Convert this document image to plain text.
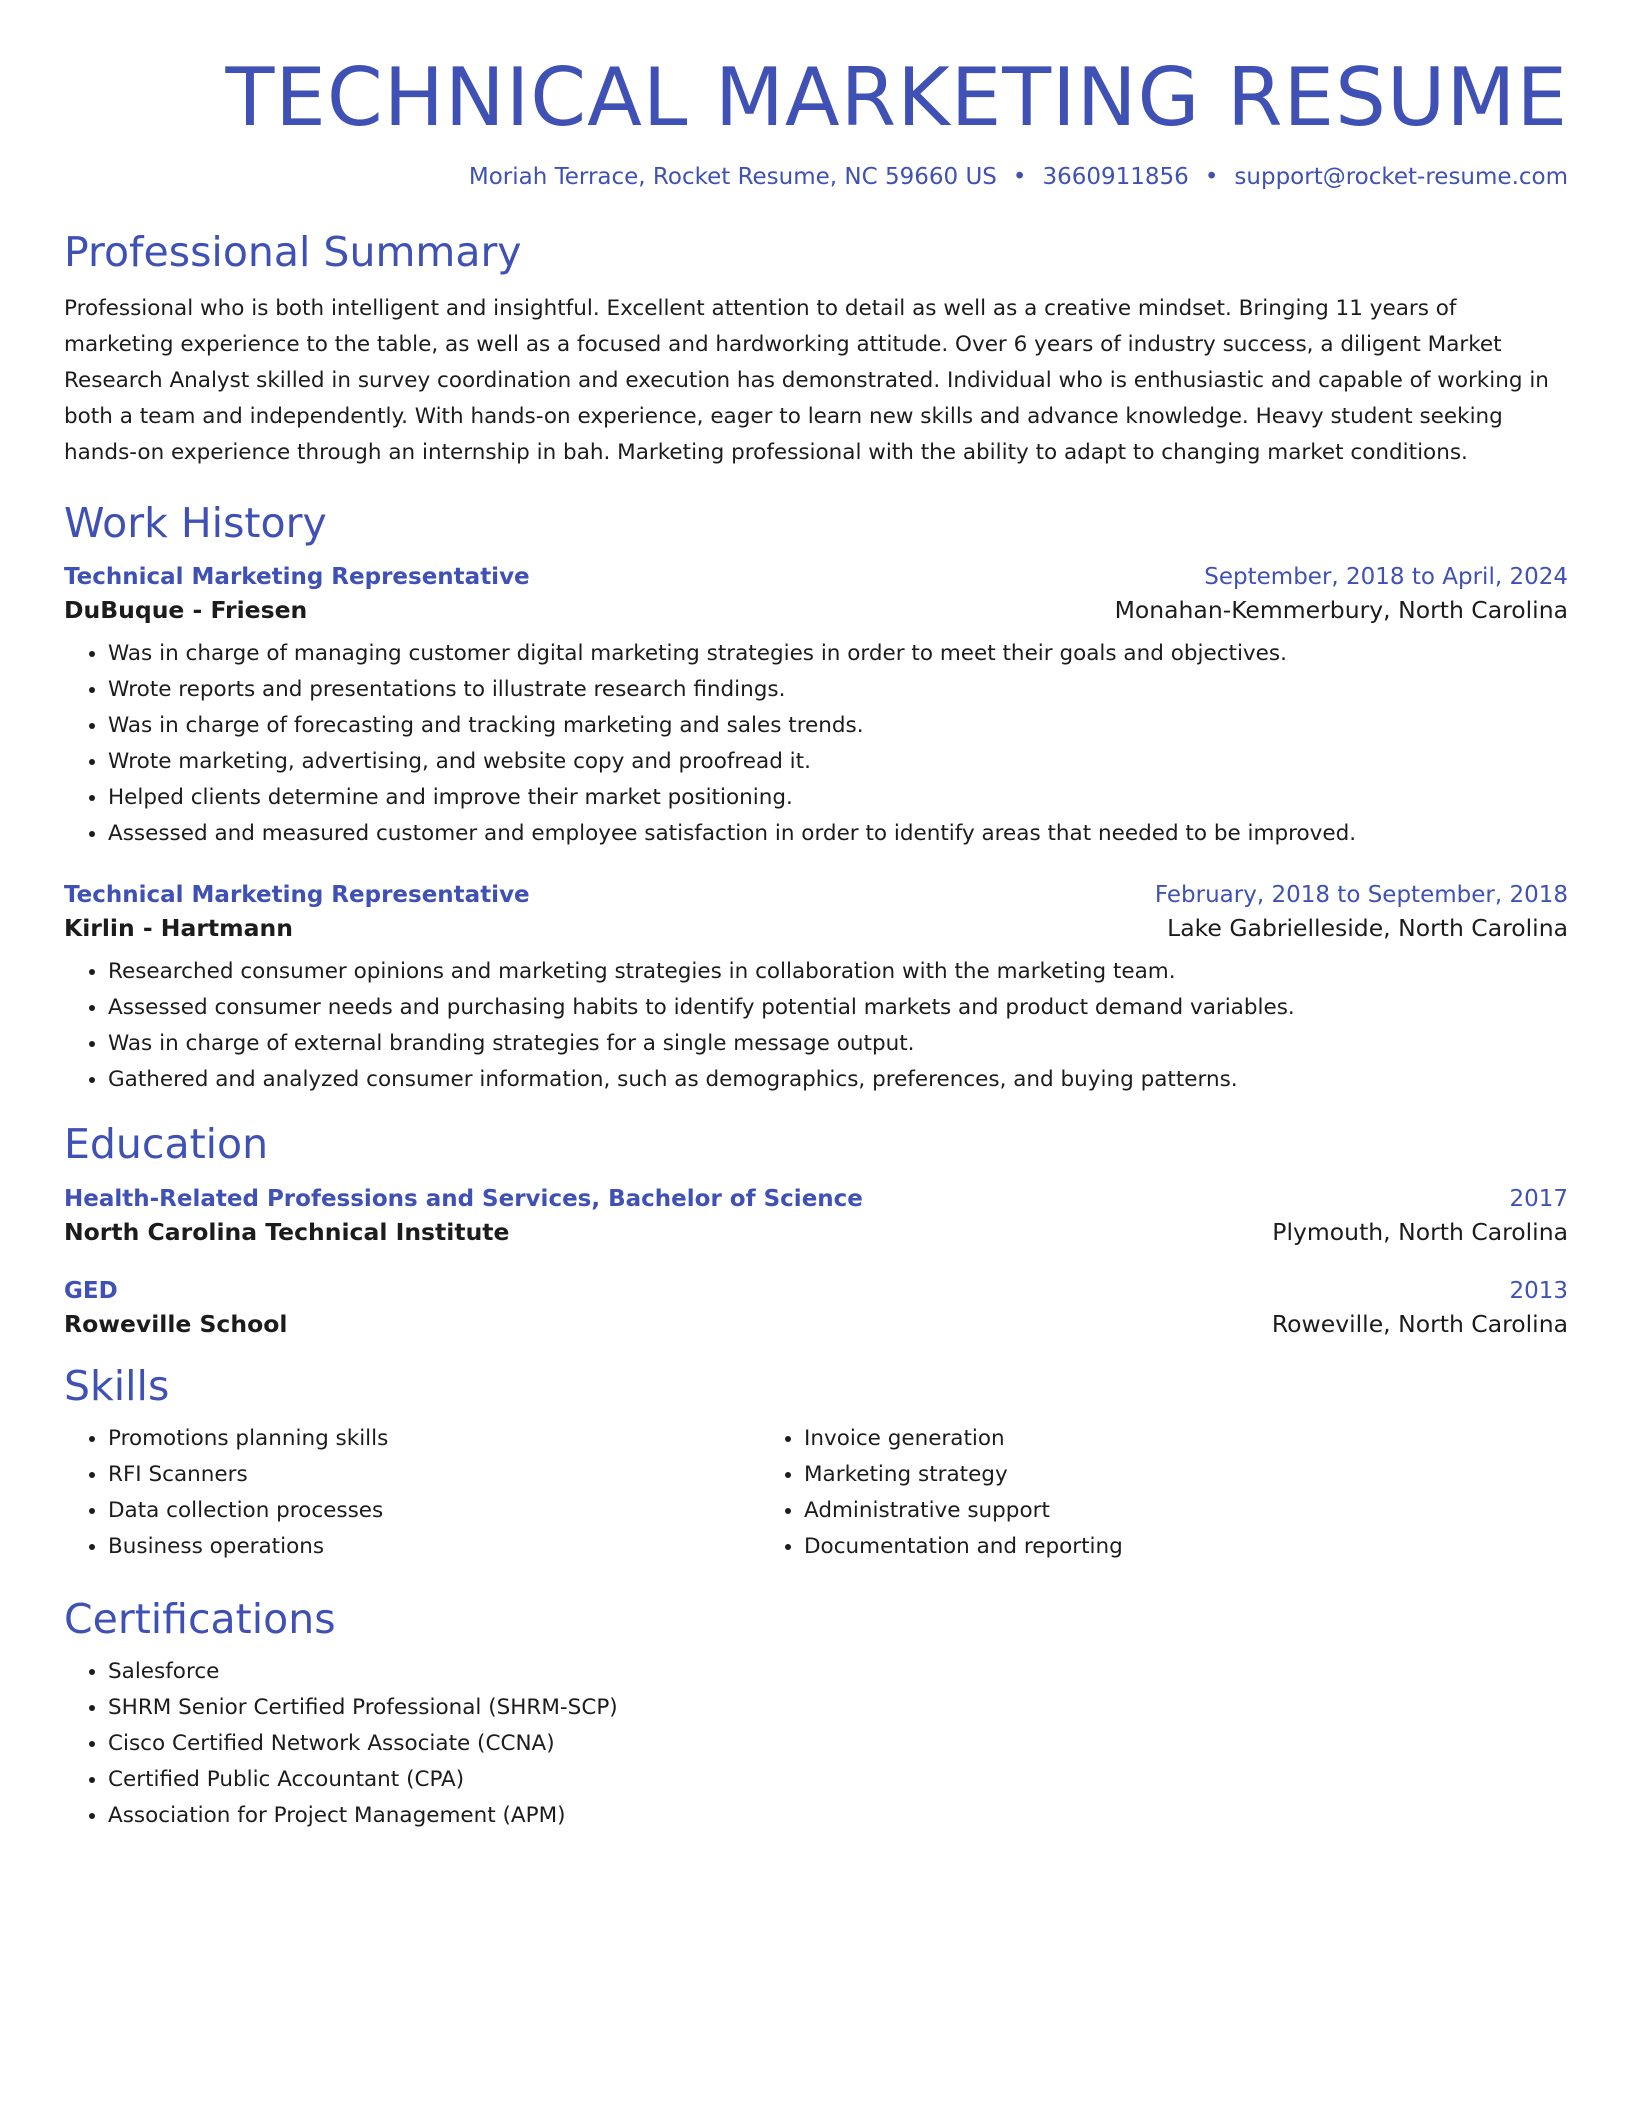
TECHNICAL MARKETING RESUME
Moriah Terrace, Rocket Resume, NC 59660 US • 3660911856 • support@rocket-resume.com
Professional Summary
Professional who is both intelligent and insightful. Excellent attention to detail as well as a creative mindset. Bringing 11 years of marketing experience to the table, as well as a focused and hardworking attitude. Over 6 years of industry success, a diligent Market Research Analyst skilled in survey coordination and execution has demonstrated. Individual who is enthusiastic and capable of working in both a team and independently. With hands-on experience, eager to learn new skills and advance knowledge. Heavy student seeking hands-on experience through an internship in bah. Marketing professional with the ability to adapt to changing market conditions.
Work History
Technical Marketing Representative	September, 2018 to April, 2024
DuBuque - Friesen	Monahan-Kemmerbury, North Carolina
• Was in charge of managing customer digital marketing strategies in order to meet their goals and objectives.
• Wrote reports and presentations to illustrate research findings.
• Was in charge of forecasting and tracking marketing and sales trends.
• Wrote marketing, advertising, and website copy and proofread it.
• Helped clients determine and improve their market positioning.
• Assessed and measured customer and employee satisfaction in order to identify areas that needed to be improved.
Technical Marketing Representative	February, 2018 to September, 2018
Kirlin - Hartmann	Lake Gabrielleside, North Carolina
• Researched consumer opinions and marketing strategies in collaboration with the marketing team.
• Assessed consumer needs and purchasing habits to identify potential markets and product demand variables.
• Was in charge of external branding strategies for a single message output.
• Gathered and analyzed consumer information, such as demographics, preferences, and buying patterns.
Education
Health-Related Professions and Services, Bachelor of Science	2017
North Carolina Technical Institute	Plymouth, North Carolina
GED	2013
Roweville School	Roweville, North Carolina
Skills
• Promotions planning skills
• RFI Scanners
• Data collection processes
• Business operations
• Invoice generation
• Marketing strategy
• Administrative support
• Documentation and reporting
Certifications
• Salesforce
• SHRM Senior Certified Professional (SHRM-SCP)
• Cisco Certified Network Associate (CCNA)
• Certified Public Accountant (CPA)
• Association for Project Management (APM)
